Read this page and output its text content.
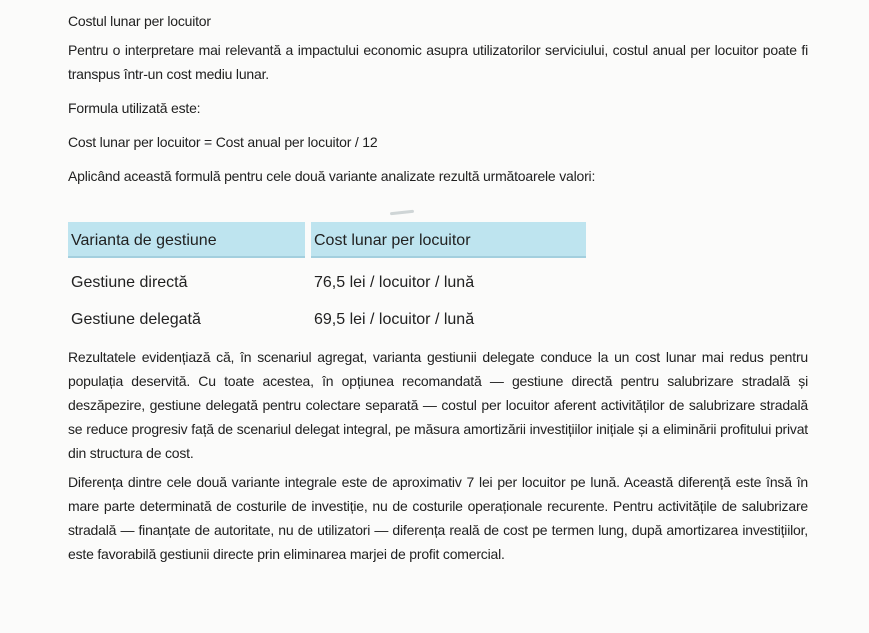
Costul lunar per locuitor

Pentru o interpretare mai relevantă a impactului economic asupra utilizatorilor serviciului, costul anual per locuitor poate fi transpus într-un cost mediu lunar.

Formula utilizată este:

Cost lunar per locuitor = Cost anual per locuitor / 12

Aplicând această formulă pentru cele două variante analizate rezultă următoarele valori:

Varianta de gestiune	Cost lunar per locuitor
Gestiune directă	76,5 lei / locuitor / lună
Gestiune delegată	69,5 lei / locuitor / lună

Rezultatele evidențiază că, în scenariul agregat, varianta gestiunii delegate conduce la un cost lunar mai redus pentru populația deservită. Cu toate acestea, în opțiunea recomandată — gestiune directă pentru salubrizare stradală și deszăpezire, gestiune delegată pentru colectare separată — costul per locuitor aferent activităților de salubrizare stradală se reduce progresiv față de scenariul delegat integral, pe măsura amortizării investițiilor inițiale și a eliminării profitului privat din structura de cost.

Diferența dintre cele două variante integrale este de aproximativ 7 lei per locuitor pe lună. Această diferență este însă în mare parte determinată de costurile de investiție, nu de costurile operaționale recurente. Pentru activitățile de salubrizare stradală — finanțate de autoritate, nu de utilizatori — diferența reală de cost pe termen lung, după amortizarea investițiilor, este favorabilă gestiunii directe prin eliminarea marjei de profit comercial.
